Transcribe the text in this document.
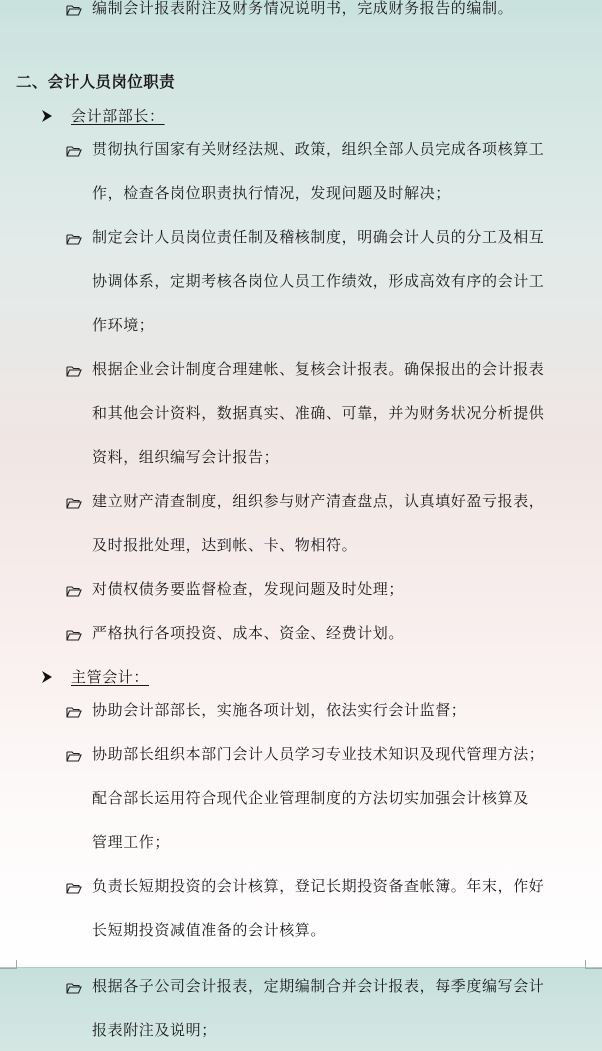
编制会计报表附注及财务情况说明书，完成财务报告的编制。
二、会计人员岗位职责
会计部部长：
贯彻执行国家有关财经法规、政策，组织全部人员完成各项核算工
作，检查各岗位职责执行情况，发现问题及时解决；
制定会计人员岗位责任制及稽核制度，明确会计人员的分工及相互
协调体系，定期考核各岗位人员工作绩效，形成高效有序的会计工
作环境；
根据企业会计制度合理建帐、复核会计报表。确保报出的会计报表
和其他会计资料，数据真实、准确、可靠，并为财务状况分析提供
资料，组织编写会计报告；
建立财产清查制度，组织参与财产清查盘点，认真填好盈亏报表，
及时报批处理，达到帐、卡、物相符。
对债权债务要监督检查，发现问题及时处理；
严格执行各项投资、成本、资金、经费计划。
主管会计：
协助会计部部长，实施各项计划，依法实行会计监督；
协助部长组织本部门会计人员学习专业技术知识及现代管理方法；
配合部长运用符合现代企业管理制度的方法切实加强会计核算及
管理工作；
负责长短期投资的会计核算，登记长期投资备查帐簿。年末，作好
长短期投资减值准备的会计核算。
根据各子公司会计报表，定期编制合并会计报表，每季度编写会计
报表附注及说明；
